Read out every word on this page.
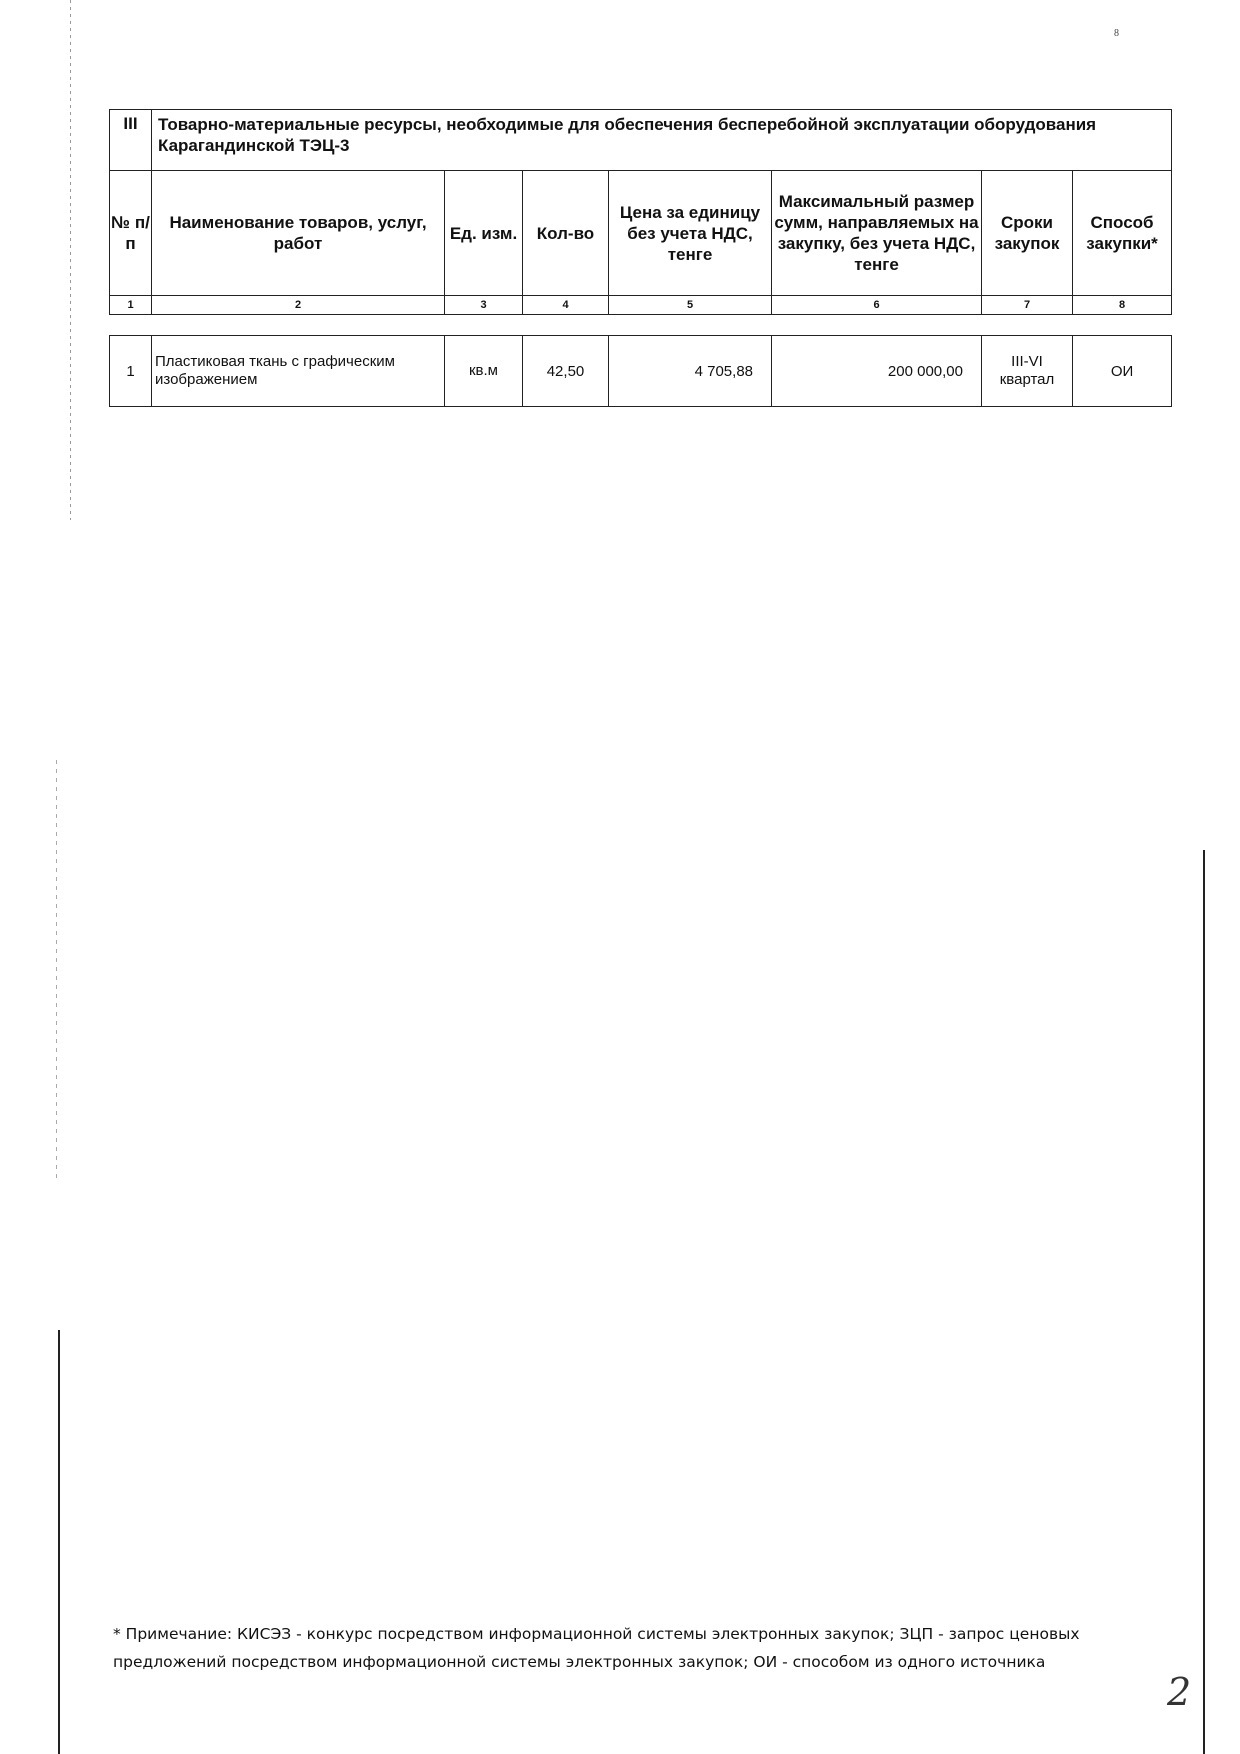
8
III	Товарно-материальные ресурсы, необходимые для обеспечения бесперебойной эксплуатации оборудования Карагандинской ТЭЦ-3						
№ п/п	Наименование товаров, услуг, работ	Ед. изм.	Кол-во	Цена за единицу без учета НДС, тенге	Максимальный размер сумм, направляемых на закупку, без учета НДС, тенге	Сроки закупок	Способ закупки*
1	2	3	4	5	6	7	8

1	Пластиковая ткань с графическим изображением	кв.м	42,50	4 705,88	200 000,00	III-VI квартал	ОИ
* Примечание: КИСЭЗ - конкурс посредством информационной системы электронных закупок; ЗЦП - запрос ценовых предложений посредством информационной системы электронных закупок; ОИ - способом из одного источника
2
